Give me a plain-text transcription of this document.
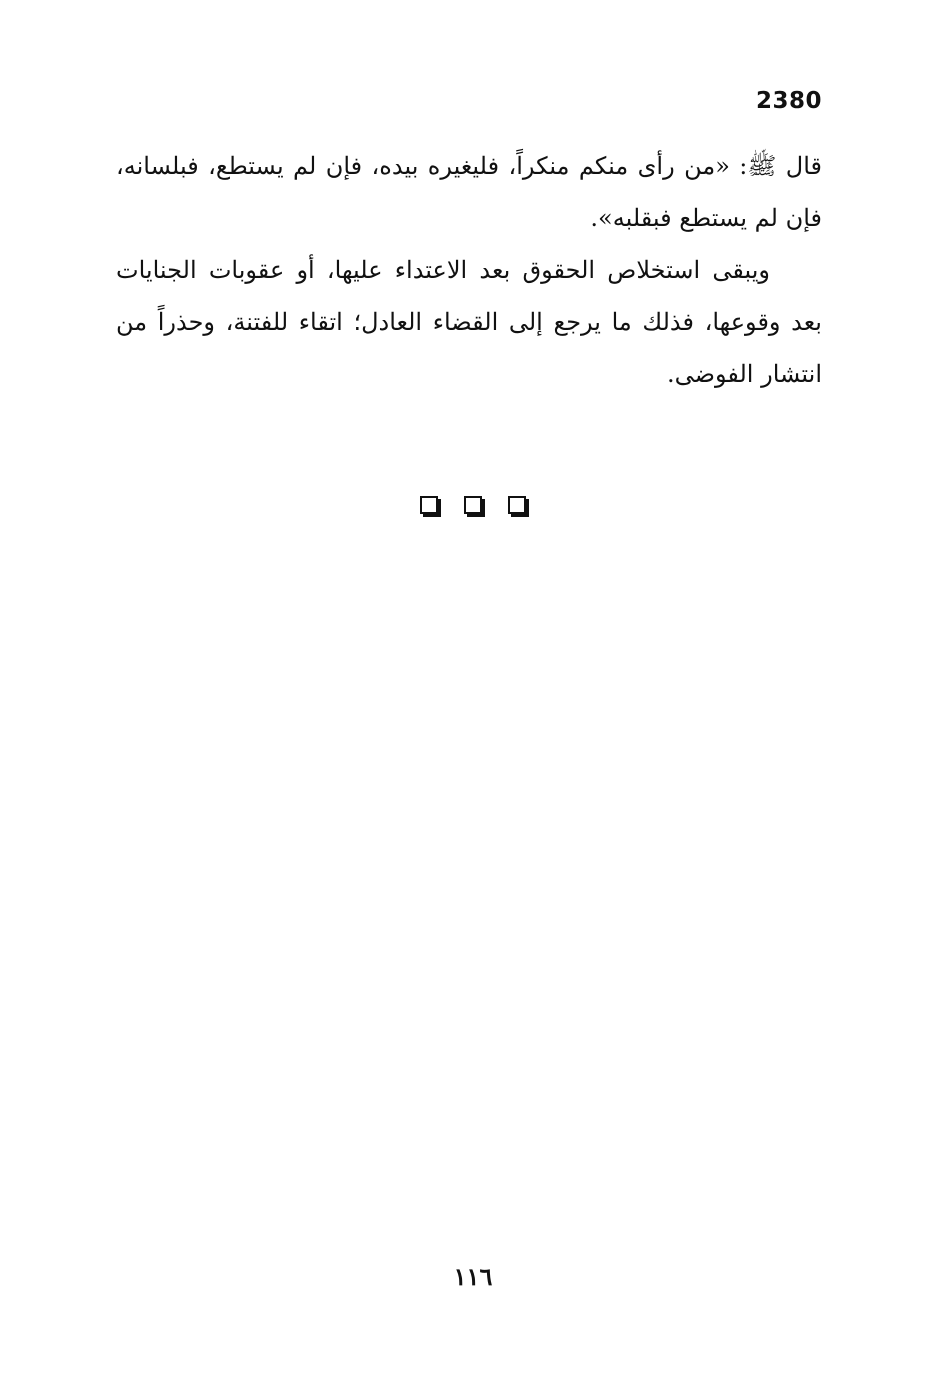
2380

قال ﷺ: «من رأى منكم منكراً، فليغيره بيده، فإن لم يستطع، فبلسانه، فإن لم يستطع فبقلبه».

ويبقى استخلاص الحقوق بعد الاعتداء عليها، أو عقوبات الجنايات بعد وقوعها، فذلك ما يرجع إلى القضاء العادل؛ اتقاء للفتنة، وحذراً من انتشار الفوضى.

١١٦
